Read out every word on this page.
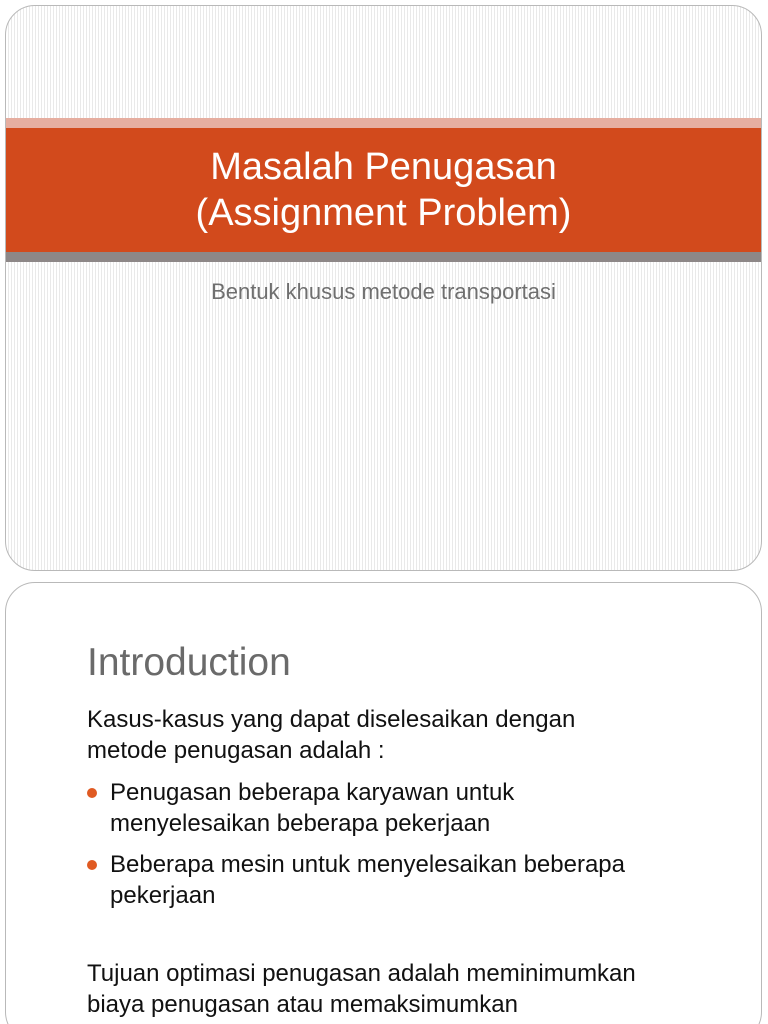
Masalah Penugasan
(Assignment Problem)
Bentuk khusus metode transportasi
Introduction
Kasus-kasus yang dapat diselesaikan dengan
metode penugasan adalah :
Penugasan beberapa karyawan untuk
menyelesaikan beberapa pekerjaan
Beberapa mesin untuk menyelesaikan beberapa
pekerjaan
Tujuan optimasi penugasan adalah meminimumkan
biaya penugasan atau memaksimumkan
